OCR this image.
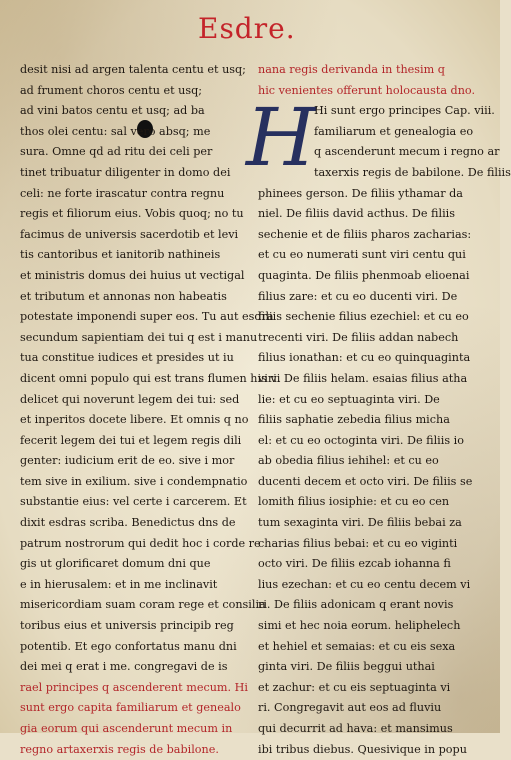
Esdre.
desit nisi ad argen talenta centu et usq;
ad frument choros centu et usq;
ad vini batos centu et usq; ad ba
thos olei centu: sal vero absq; me
sura. Omne qd ad ritu dei celi per
tinet tribuatur diligenter in domo dei
celi: ne forte irascatur contra regnu
regis et filiorum eius. Vobis quoq; no tu
facimus de universis sacerdotib et levi
tis cantoribus et ianitorib nathineis
et ministris domus dei huius ut vectigal
et tributum et annonas non habeatis
potestate imponendi super eos. Tu aut esdra
secundum sapientiam dei tui q est i manu
tua constitue iudices et presides ut iu
dicent omni populo qui est trans flumen his vi
delicet qui noverunt legem dei tui: sed
et inperitos docete libere. Et omnis q no
fecerit legem dei tui et legem regis dili
genter: iudicium erit de eo. sive i mor
tem sive in exilium. sive i condempnatio
substantie eius: vel certe i carcerem. Et
dixit esdras scriba. Benedictus dns de
patrum nostrorum qui dedit hoc i corde re
gis ut glorificaret domum dni que
e in hierusalem: et in me inclinavit
misericordiam suam coram rege et consilia
toribus eius et universis principib reg
potentib. Et ego confortatus manu dni
dei mei q erat i me. congregavi de is
rael principes q ascenderent mecum. Hi
sunt ergo capita familiarum et genealo
gia eorum qui ascenderunt mecum in
regno artaxerxis regis de babilone.
nana regis derivanda in thesim q
hic venientes offerunt holocausta dno.
H
Hi sunt ergo principes Cap. viii.
familiarum et genealogia eo
q ascenderunt mecum i regno ar
taxerxis regis de babilone. De filiis
phinees gerson. De filiis ythamar da
niel. De filiis david acthus. De filiis
sechenie et de filiis pharos zacharias:
et cu eo numerati sunt viri centu qui
quaginta. De filiis phenmoab elioenai
filius zare: et cu eo ducenti viri. De
filiis sechenie filius ezechiel: et cu eo
trecenti viri. De filiis addan nabech
filius ionathan: et cu eo quinquaginta
viri. De filiis helam. esaias filius atha
lie: et cu eo septuaginta viri. De
filiis saphatie zebedia filius micha
el: et cu eo octoginta viri. De filiis io
ab obedia filius iehihel: et cu eo
ducenti decem et octo viri. De filiis se
lomith filius iosiphie: et cu eo cen
tum sexaginta viri. De filiis bebai za
charias filius bebai: et cu eo viginti
octo viri. De filiis ezcab iohanna fi
lius ezechan: et cu eo centu decem vi
ri. De filiis adonicam q erant novis
simi et hec noia eorum. heliphelech
et hehiel et semaias: et cu eis sexa
ginta viri. De filiis beggui uthai
et zachur: et cu eis septuaginta vi
ri. Congregavit aut eos ad fluviu
qui decurrit ad hava: et mansimus
ibi tribus diebus. Quesivique in popu
